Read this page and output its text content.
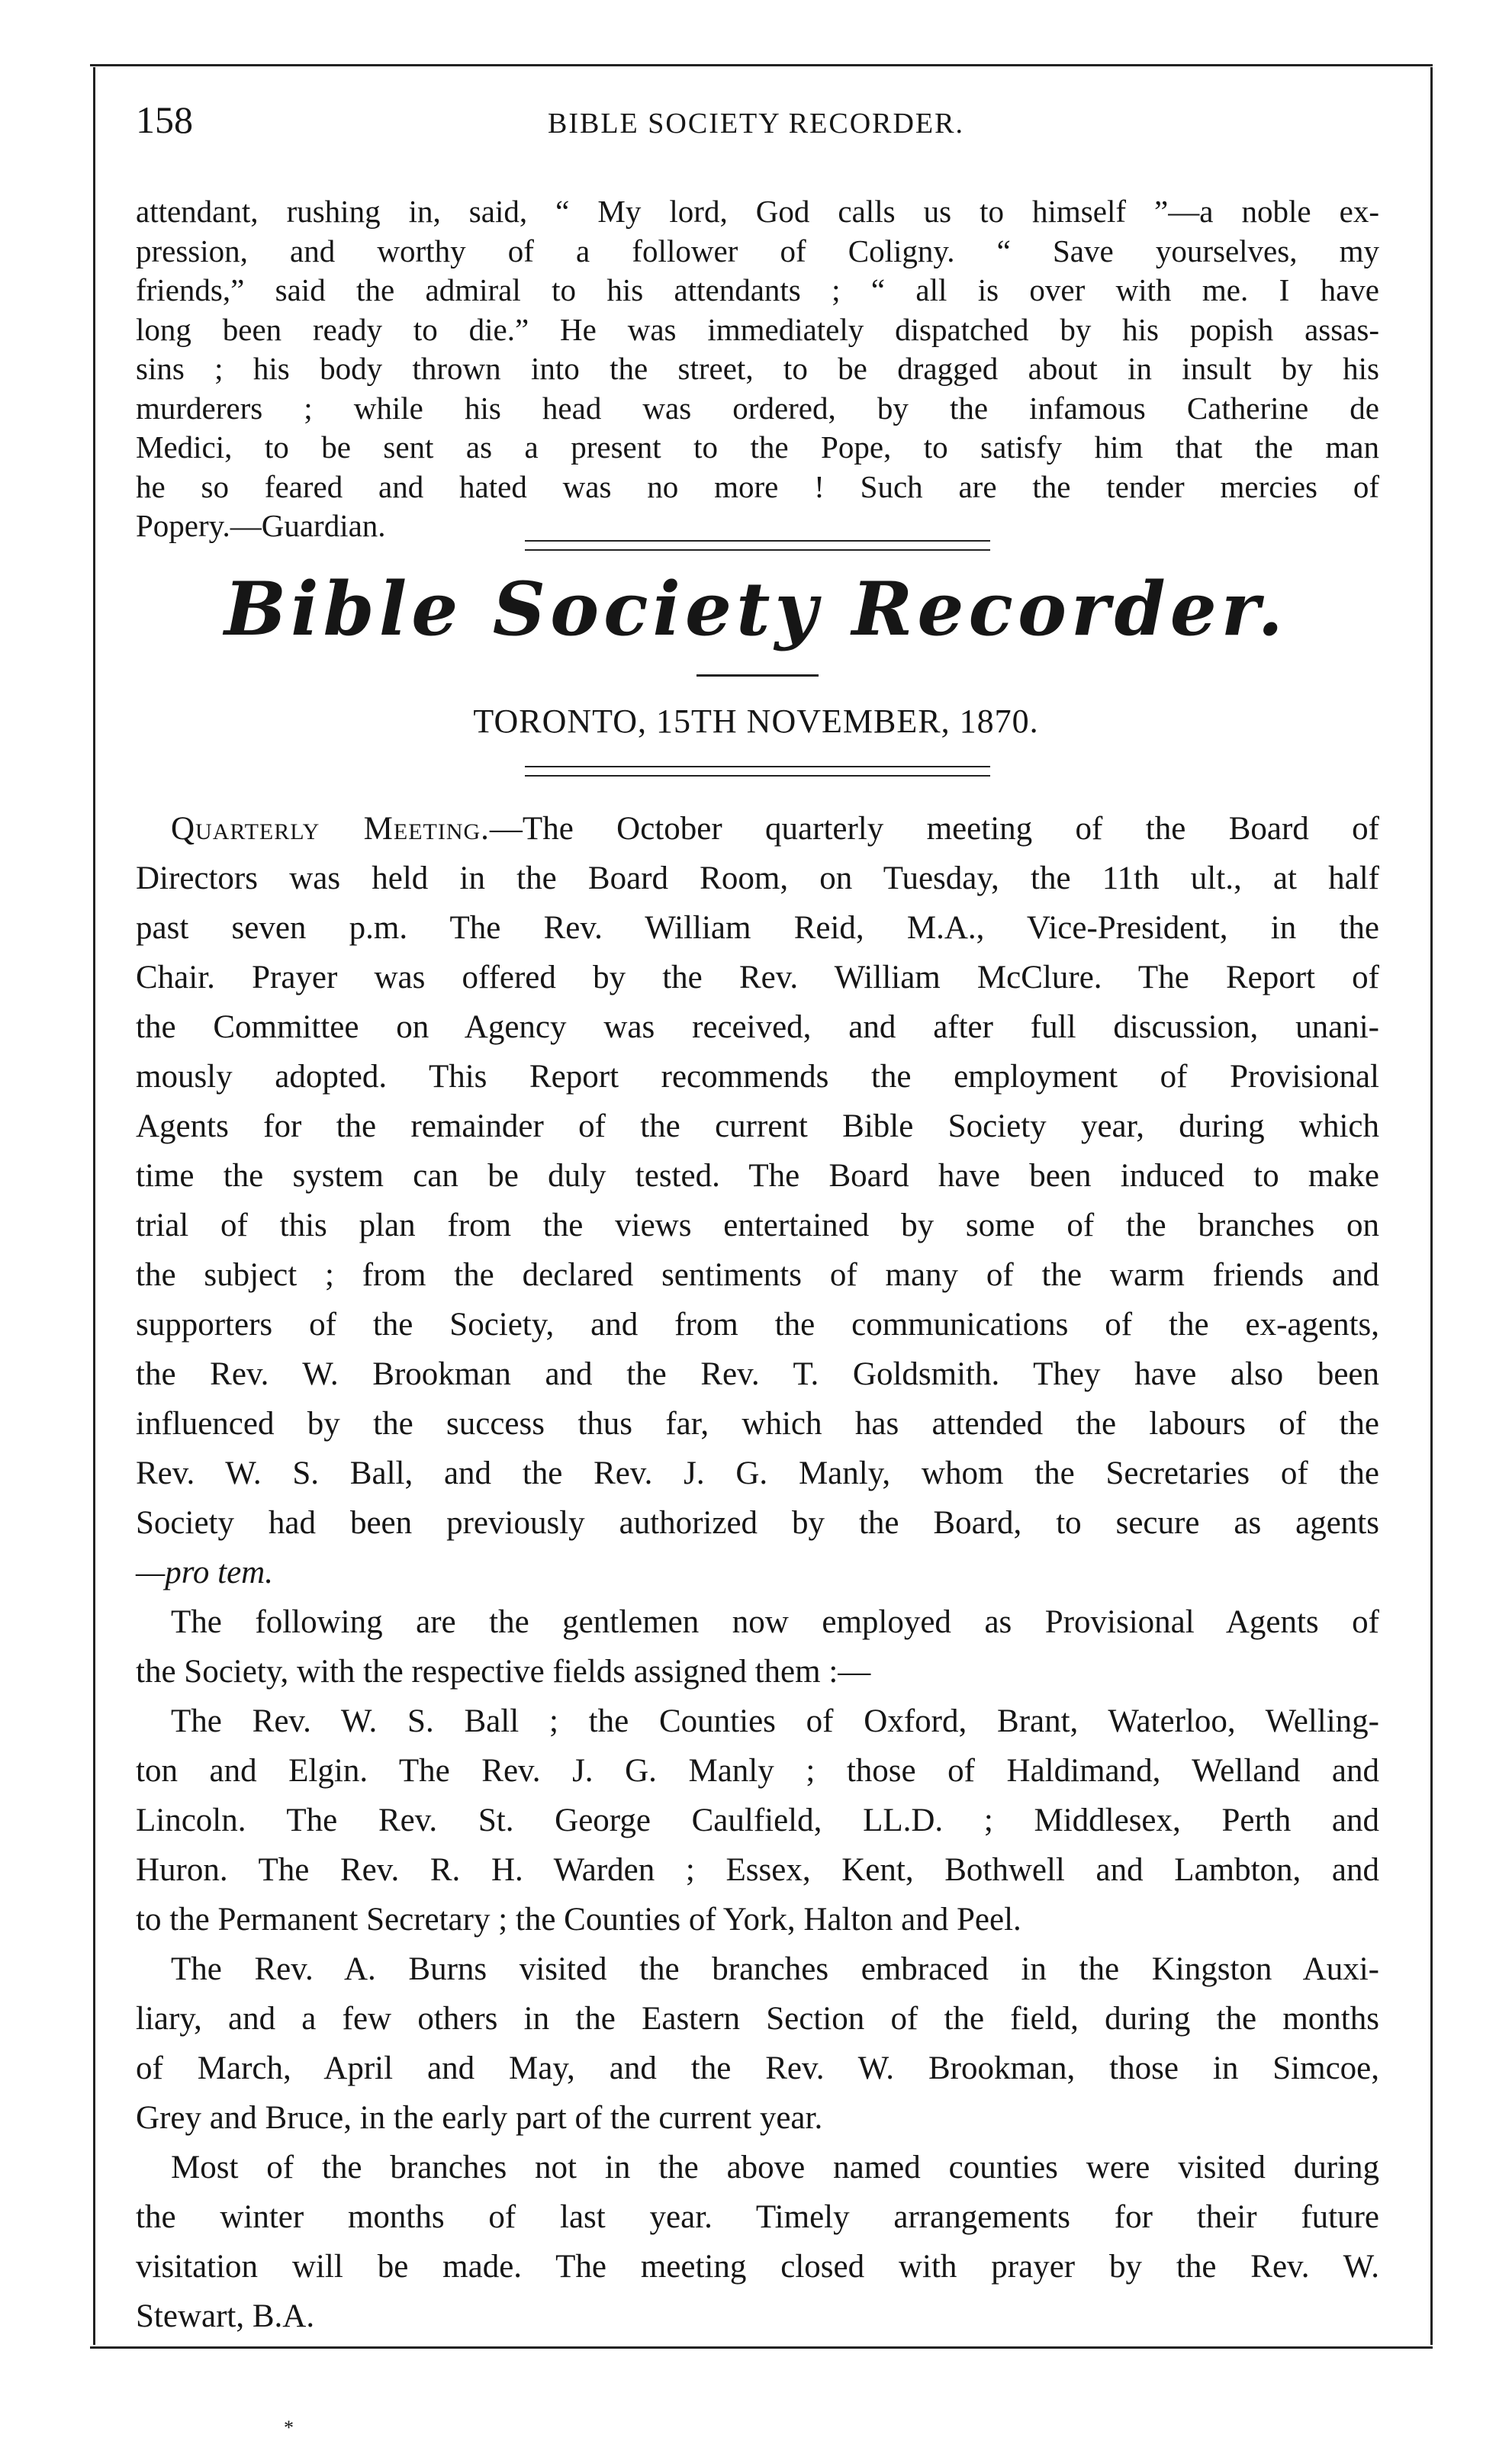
158	BIBLE SOCIETY RECORDER.
attendant, rushing in, said, “ My lord, God calls us to himself ”—a noble ex-
pression, and worthy of a follower of Coligny. “ Save yourselves, my
friends,” said the admiral to his attendants ; “ all is over with me. I have
long been ready to die.” He was immediately dispatched by his popish assas-
sins ; his body thrown into the street, to be dragged about in insult by his
murderers ; while his head was ordered, by the infamous Catherine de
Medici, to be sent as a present to the Pope, to satisfy him that the man
he so feared and hated was no more ! Such are the tender mercies of
Popery.—Guardian.
Bible Society Recorder.
TORONTO, 15TH NOVEMBER, 1870.
Quarterly Meeting.—The October quarterly meeting of the Board of
Directors was held in the Board Room, on Tuesday, the 11th ult., at half
past seven p.m. The Rev. William Reid, M.A., Vice-President, in the
Chair. Prayer was offered by the Rev. William McClure. The Report of
the Committee on Agency was received, and after full discussion, unani-
mously adopted. This Report recommends the employment of Provisional
Agents for the remainder of the current Bible Society year, during which
time the system can be duly tested. The Board have been induced to make
trial of this plan from the views entertained by some of the branches on
the subject ; from the declared sentiments of many of the warm friends and
supporters of the Society, and from the communications of the ex-agents,
the Rev. W. Brookman and the Rev. T. Goldsmith. They have also been
influenced by the success thus far, which has attended the labours of the
Rev. W. S. Ball, and the Rev. J. G. Manly, whom the Secretaries of the
Society had been previously authorized by the Board, to secure as agents
—pro tem.
The following are the gentlemen now employed as Provisional Agents of
the Society, with the respective fields assigned them :—
The Rev. W. S. Ball ; the Counties of Oxford, Brant, Waterloo, Welling-
ton and Elgin. The Rev. J. G. Manly ; those of Haldimand, Welland and
Lincoln. The Rev. St. George Caulfield, LL.D. ; Middlesex, Perth and
Huron. The Rev. R. H. Warden ; Essex, Kent, Bothwell and Lambton, and
to the Permanent Secretary ; the Counties of York, Halton and Peel.
The Rev. A. Burns visited the branches embraced in the Kingston Auxi-
liary, and a few others in the Eastern Section of the field, during the months
of March, April and May, and the Rev. W. Brookman, those in Simcoe,
Grey and Bruce, in the early part of the current year.
Most of the branches not in the above named counties were visited during
the winter months of last year. Timely arrangements for their future
visitation will be made. The meeting closed with prayer by the Rev. W.
Stewart, B.A.
*
